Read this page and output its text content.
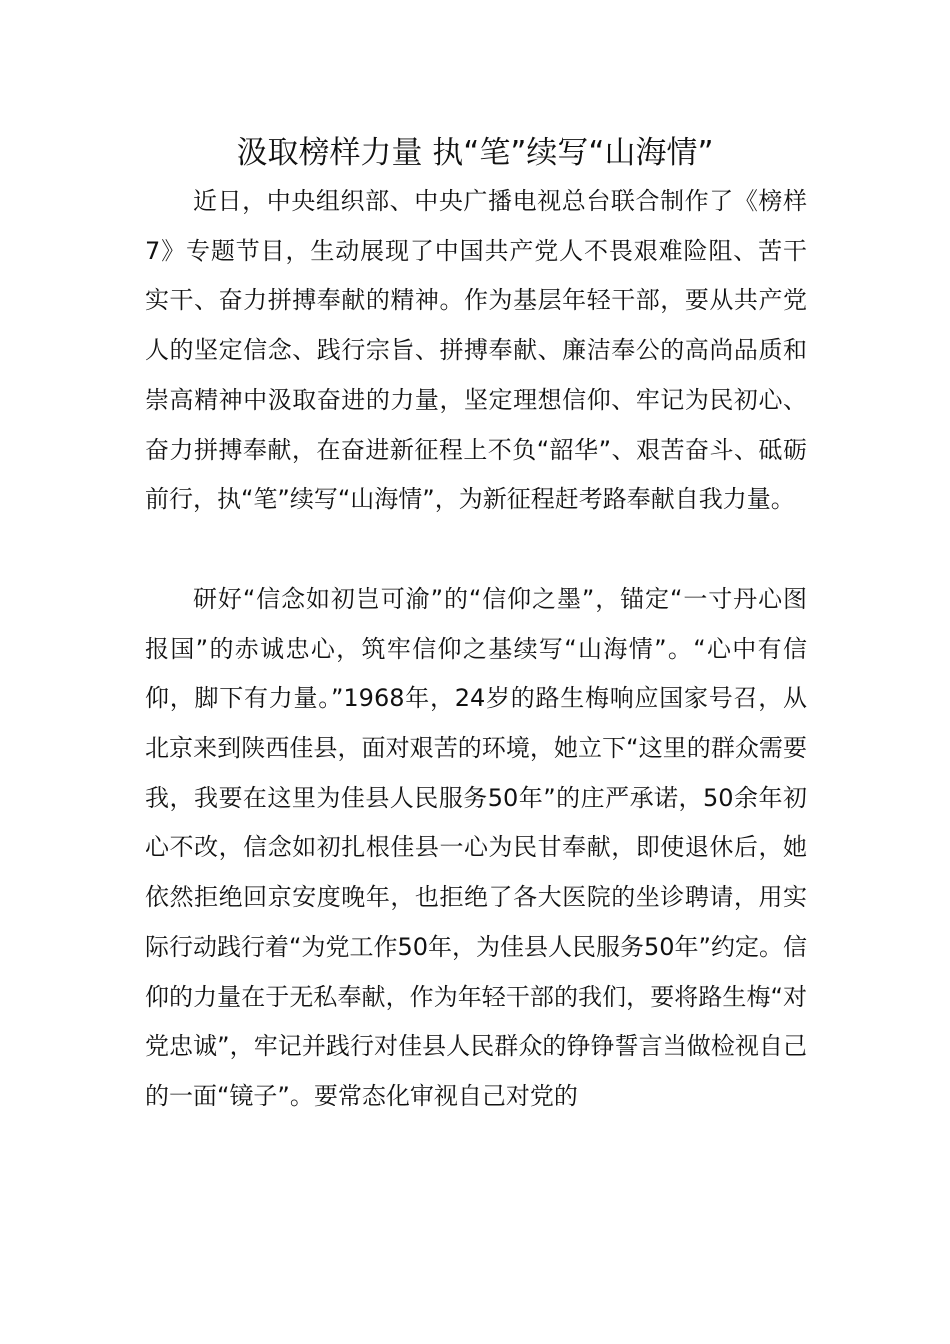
汲取榜样力量 执“笔”续写“山海情”

近日，中央组织部、中央广播电视总台联合制作了《榜样7》专题节目，生动展现了中国共产党人不畏艰难险阻、苦干实干、奋力拼搏奉献的精神。作为基层年轻干部，要从共产党人的坚定信念、践行宗旨、拼搏奉献、廉洁奉公的高尚品质和崇高精神中汲取奋进的力量，坚定理想信仰、牢记为民初心、奋力拼搏奉献，在奋进新征程上不负“韶华”、艰苦奋斗、砥砺前行，执“笔”续写“山海情”，为新征程赶考路奉献自我力量。

研好“信念如初岂可渝”的“信仰之墨”，锚定“一寸丹心图报国”的赤诚忠心，筑牢信仰之基续写“山海情”。“心中有信仰，脚下有力量。”1968年，24岁的路生梅响应国家号召，从北京来到陕西佳县，面对艰苦的环境，她立下“这里的群众需要我，我要在这里为佳县人民服务50年”的庄严承诺，50余年初心不改，信念如初扎根佳县一心为民甘奉献，即使退休后，她依然拒绝回京安度晚年，也拒绝了各大医院的坐诊聘请，用实际行动践行着“为党工作50年，为佳县人民服务50年”约定。信仰的力量在于无私奉献，作为年轻干部的我们，要将路生梅“对党忠诚”，牢记并践行对佳县人民群众的铮铮誓言当做检视自己的一面“镜子”。要常态化审视自己对党的
